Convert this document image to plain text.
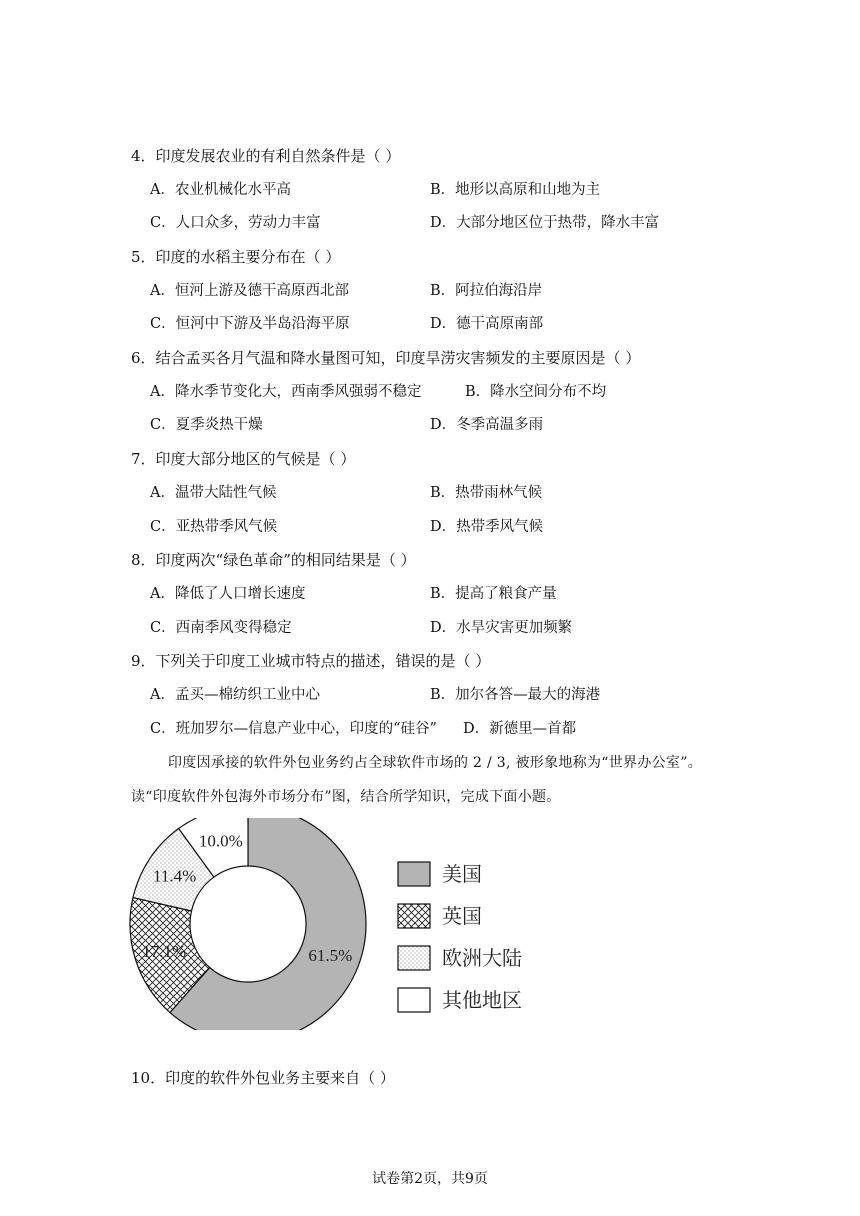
4．印度发展农业的有利自然条件是（ ）
A．农业机械化水平高	B．地形以高原和山地为主
C．人口众多，劳动力丰富	D．大部分地区位于热带，降水丰富
5．印度的水稻主要分布在（ ）
A．恒河上游及德干高原西北部	B．阿拉伯海沿岸
C．恒河中下游及半岛沿海平原	D．德干高原南部
6．结合孟买各月气温和降水量图可知，印度旱涝灾害频发的主要原因是（ ）
A．降水季节变化大，西南季风强弱不稳定	B．降水空间分布不均
C．夏季炎热干燥	D．冬季高温多雨
7．印度大部分地区的气候是（ ）
A．温带大陆性气候	B．热带雨林气候
C．亚热带季风气候	D．热带季风气候
8．印度两次“绿色革命”的相同结果是（ ）
A．降低了人口增长速度	B．提高了粮食产量
C．西南季风变得稳定	D．水旱灾害更加频繁
9．下列关于印度工业城市特点的描述，错误的是（ ）
A．孟买—棉纺织工业中心	B．加尔各答—最大的海港
C．班加罗尔—信息产业中心，印度的“硅谷” D．新德里—首都
印度因承接的软件外包业务约占全球软件市场的 2 / 3, 被形象地称为“世界办公室”。
读“印度软件外包海外市场分布”图，结合所学知识，完成下面小题。
61.5%
17.1%
11.4%
10.0%
美国
英国
欧洲大陆
其他地区
10．印度的软件外包业务主要来自（ ）
试卷第2页，共9页
